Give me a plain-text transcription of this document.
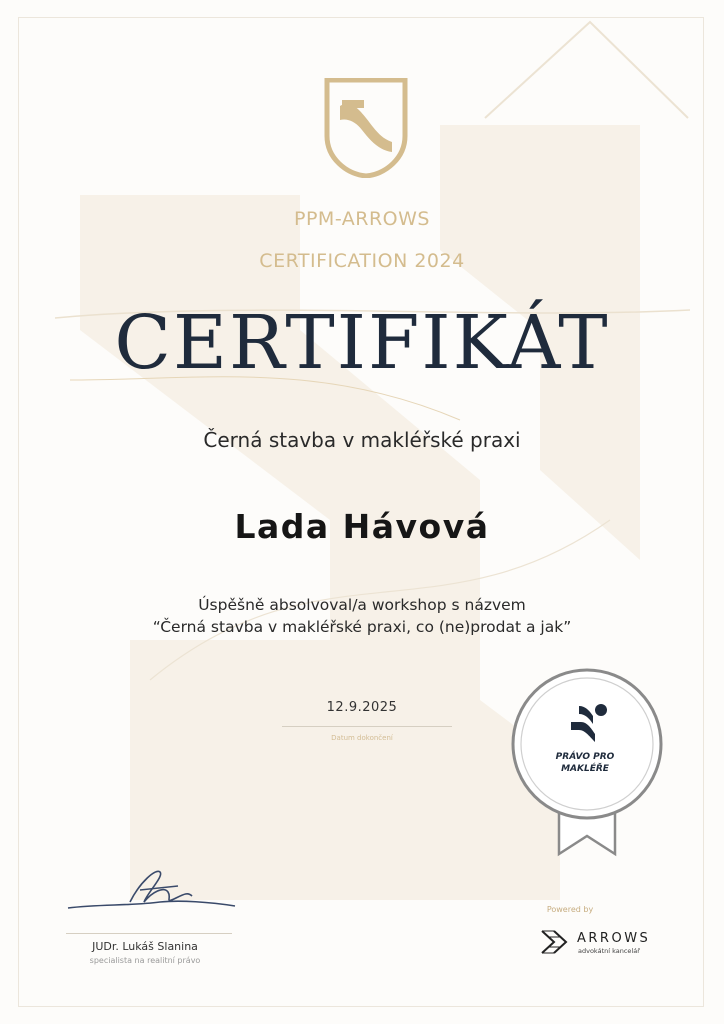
PPM-ARROWS
CERTIFICATION 2024
CERTIFIKÁT
Černá stavba v makléřské praxi
Lada Hávová
Úspěšně absolvoval/a workshop s názvem
“Černá stavba v makléřské praxi, co (ne)prodat a jak”
12.9.2025
Datum dokončení
PRÁVO PRO
MAKLÉŘE
JUDr. Lukáš Slanina
specialista na realitní právo
Powered by
ARROWS
advokátní kancelář
